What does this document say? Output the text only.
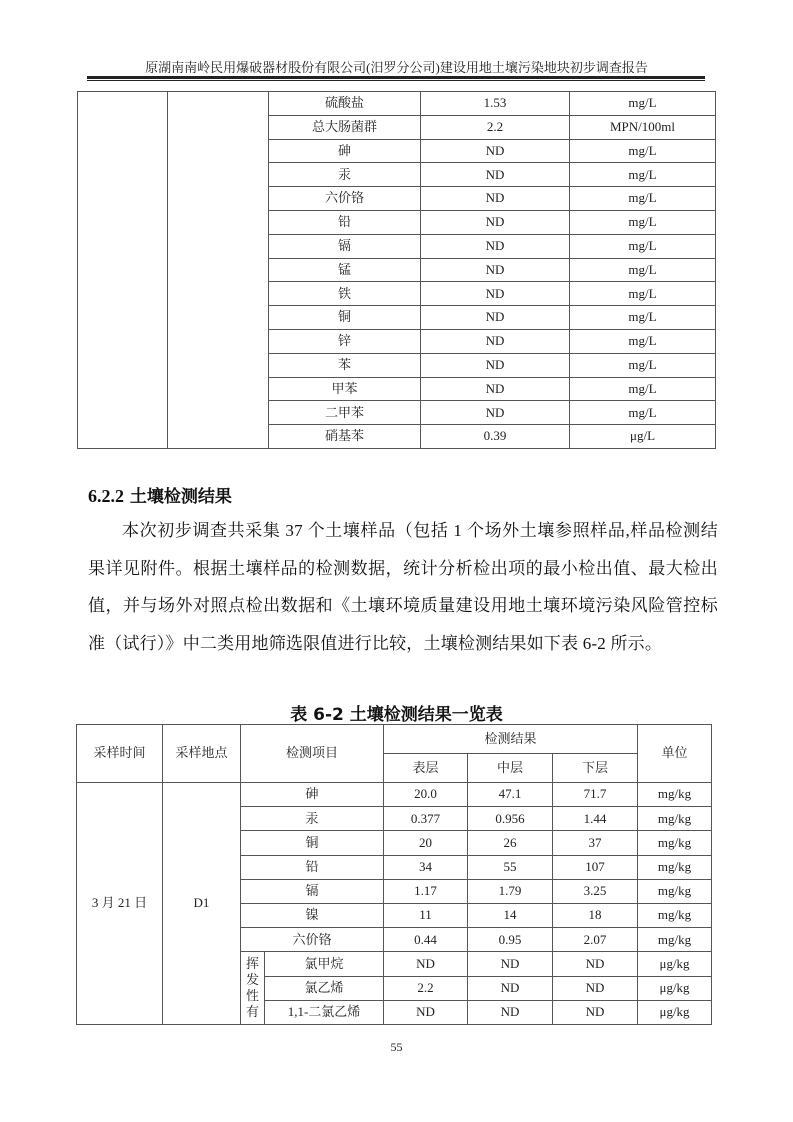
原湖南南岭民用爆破器材股份有限公司(汨罗分公司)建设用地土壤污染地块初步调查报告
		硫酸盐	1.53	mg/L
		总大肠菌群	2.2	MPN/100ml
		砷	ND	mg/L
		汞	ND	mg/L
		六价铬	ND	mg/L
		铅	ND	mg/L
		镉	ND	mg/L
		锰	ND	mg/L
		铁	ND	mg/L
		铜	ND	mg/L
		锌	ND	mg/L
		苯	ND	mg/L
		甲苯	ND	mg/L
		二甲苯	ND	mg/L
		硝基苯	0.39	μg/L
6.2.2 土壤检测结果
本次初步调查共采集 37 个土壤样品（包括 1 个场外土壤参照样品,样品检测结果详见附件。根据土壤样品的检测数据，统计分析检出项的最小检出值、最大检出值，并与场外对照点检出数据和《土壤环境质量建设用地土壤环境污染风险管控标准（试行）》中二类用地筛选限值进行比较，土壤检测结果如下表 6-2 所示。
表 6-2 土壤检测结果一览表
采样时间	采样地点	检测项目		检测结果			单位
				表层	中层	下层	
3 月 21 日	D1	砷		20.0	47.1	71.7	mg/kg
		汞		0.377	0.956	1.44	mg/kg
		铜		20	26	37	mg/kg
		铅		34	55	107	mg/kg
		镉		1.17	1.79	3.25	mg/kg
		镍		11	14	18	mg/kg
		六价铬		0.44	0.95	2.07	mg/kg
		挥发性有	氯甲烷	ND	ND	ND	μg/kg
			氯乙烯	2.2	ND	ND	μg/kg
			1,1-二氯乙烯	ND	ND	ND	μg/kg
55
